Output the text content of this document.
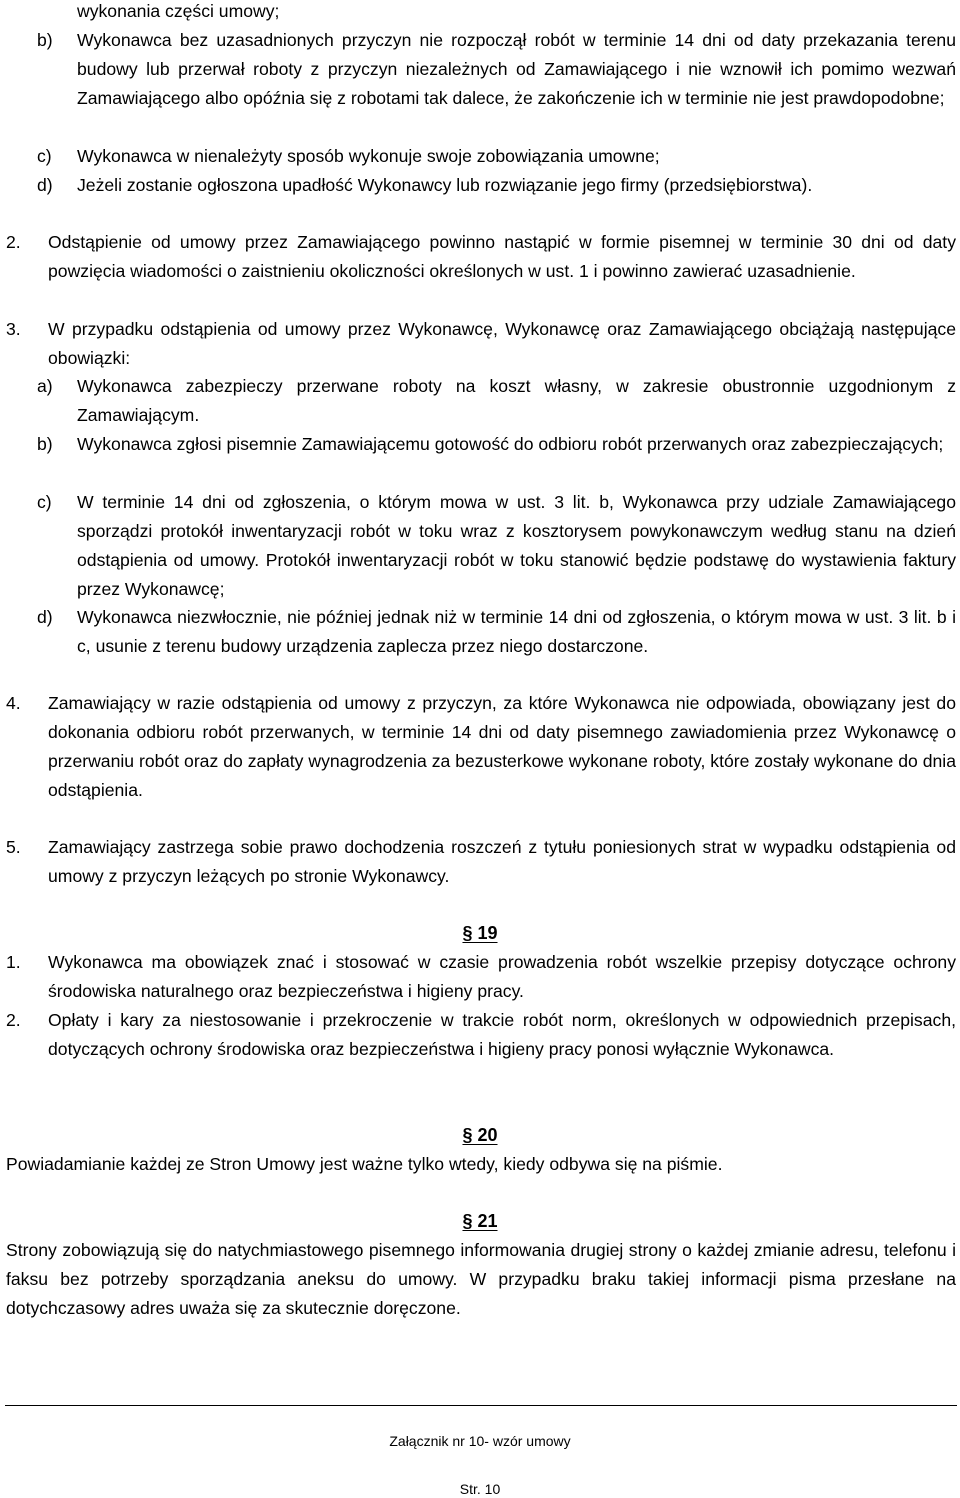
wykonania części umowy;
b) Wykonawca bez uzasadnionych przyczyn nie rozpoczął robót w terminie 14 dni od daty przekazania terenu budowy lub przerwał roboty z przyczyn niezależnych od Zamawiającego i nie wznowił ich pomimo wezwań Zamawiającego albo opóźnia się z robotami tak dalece, że zakończenie ich w terminie nie jest prawdopodobne;
c) Wykonawca w nienależyty sposób wykonuje swoje zobowiązania umowne;
d) Jeżeli zostanie ogłoszona upadłość Wykonawcy lub rozwiązanie jego firmy (przedsiębiorstwa).
2. Odstąpienie od umowy przez Zamawiającego powinno nastąpić w formie pisemnej w terminie 30 dni od daty powzięcia wiadomości o zaistnieniu okoliczności określonych w ust. 1 i powinno zawierać uzasadnienie.
3. W przypadku odstąpienia od umowy przez Wykonawcę, Wykonawcę oraz Zamawiającego obciążają następujące obowiązki:
a) Wykonawca zabezpieczy przerwane roboty na koszt własny, w zakresie obustronnie uzgodnionym z Zamawiającym.
b) Wykonawca zgłosi pisemnie Zamawiającemu gotowość do odbioru robót przerwanych oraz zabezpieczających;
c) W terminie 14 dni od zgłoszenia, o którym mowa w ust. 3 lit. b, Wykonawca przy udziale Zamawiającego sporządzi protokół inwentaryzacji robót w toku wraz z kosztorysem powykonawczym według stanu na dzień odstąpienia od umowy. Protokół inwentaryzacji robót w toku stanowić będzie podstawę do wystawienia faktury przez Wykonawcę;
d) Wykonawca niezwłocznie, nie później jednak niż w terminie 14 dni od zgłoszenia, o którym mowa w ust. 3 lit. b i c, usunie z terenu budowy urządzenia zaplecza przez niego dostarczone.
4. Zamawiający w razie odstąpienia od umowy z przyczyn, za które Wykonawca nie odpowiada, obowiązany jest do dokonania odbioru robót przerwanych, w terminie 14 dni od daty pisemnego zawiadomienia przez Wykonawcę o przerwaniu robót oraz do zapłaty wynagrodzenia za bezusterkowe wykonane roboty, które zostały wykonane do dnia odstąpienia.
5. Zamawiający zastrzega sobie prawo dochodzenia roszczeń z tytułu poniesionych strat w wypadku odstąpienia od umowy z przyczyn leżących po stronie Wykonawcy.
§ 19
1. Wykonawca ma obowiązek znać i stosować w czasie prowadzenia robót wszelkie przepisy dotyczące ochrony środowiska naturalnego oraz bezpieczeństwa i higieny pracy.
2. Opłaty i kary za niestosowanie i przekroczenie w trakcie robót norm, określonych w odpowiednich przepisach, dotyczących ochrony środowiska oraz bezpieczeństwa i higieny pracy ponosi wyłącznie Wykonawca.
§ 20
Powiadamianie każdej ze Stron Umowy jest ważne tylko wtedy, kiedy odbywa się na piśmie.
§ 21
Strony zobowiązują się do natychmiastowego pisemnego informowania drugiej strony o każdej zmianie adresu, telefonu i faksu bez potrzeby sporządzania aneksu do umowy. W przypadku braku takiej informacji pisma przesłane na dotychczasowy adres uważa się za skutecznie doręczone.
Załącznik nr 10- wzór umowy
Str. 10
